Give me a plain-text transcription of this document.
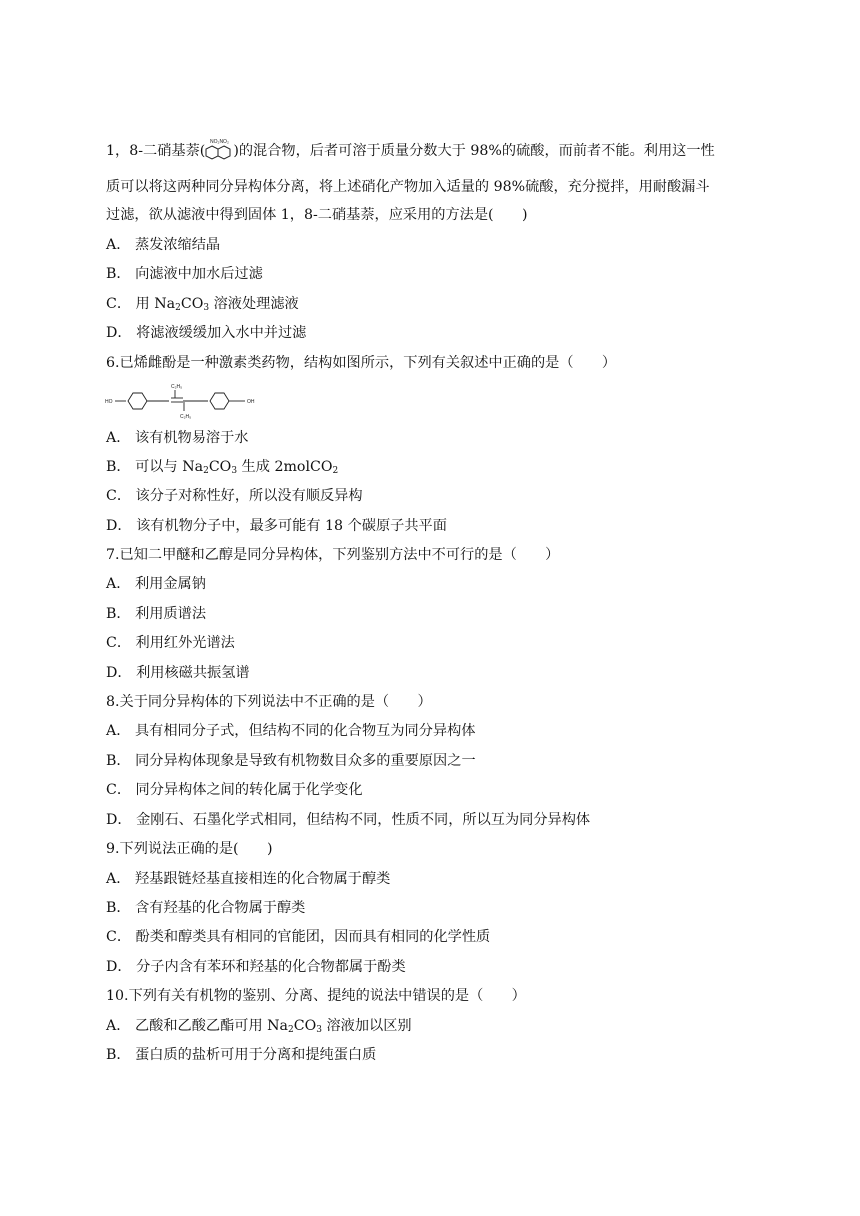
1，8-二硝基萘(
NO₂NO₂
)的混合物，后者可溶于质量分数大于 98%的硫酸，而前者不能。利用这一性
质可以将这两种同分异构体分离，将上述硝化产物加入适量的 98%硫酸，充分搅拌，用耐酸漏斗
过滤，欲从滤液中得到固体 1，8-二硝基萘，应采用的方法是(　　)
A． 蒸发浓缩结晶
B． 向滤液中加水后过滤
C． 用 $Na_2CO_3$ 溶液处理滤液
D． 将滤液缓缓加入水中并过滤
6.已烯雌酚是一种激素类药物，结构如图所示，下列有关叙述中正确的是（　　）
HO	OH
C₂H₅
C₂H₅
A． 该有机物易溶于水
B． 可以与 $Na_2CO_3$ 生成 2molCO$_2$
C． 该分子对称性好，所以没有顺反异构
D． 该有机物分子中，最多可能有 18 个碳原子共平面
7.已知二甲醚和乙醇是同分异构体，下列鉴别方法中不可行的是（　　）
A． 利用金属钠
B． 利用质谱法
C． 利用红外光谱法
D． 利用核磁共振氢谱
8.关于同分异构体的下列说法中不正确的是（　　）
A． 具有相同分子式，但结构不同的化合物互为同分异构体
B． 同分异构体现象是导致有机物数目众多的重要原因之一
C． 同分异构体之间的转化属于化学变化
D． 金刚石、石墨化学式相同，但结构不同，性质不同，所以互为同分异构体
9.下列说法正确的是(　　)
A． 羟基跟链烃基直接相连的化合物属于醇类
B． 含有羟基的化合物属于醇类
C． 酚类和醇类具有相同的官能团，因而具有相同的化学性质
D． 分子内含有苯环和羟基的化合物都属于酚类
10.下列有关有机物的鉴别、分离、提纯的说法中错误的是（　　）
A． 乙酸和乙酸乙酯可用 $Na_2CO_3$ 溶液加以区别
B． 蛋白质的盐析可用于分离和提纯蛋白质
